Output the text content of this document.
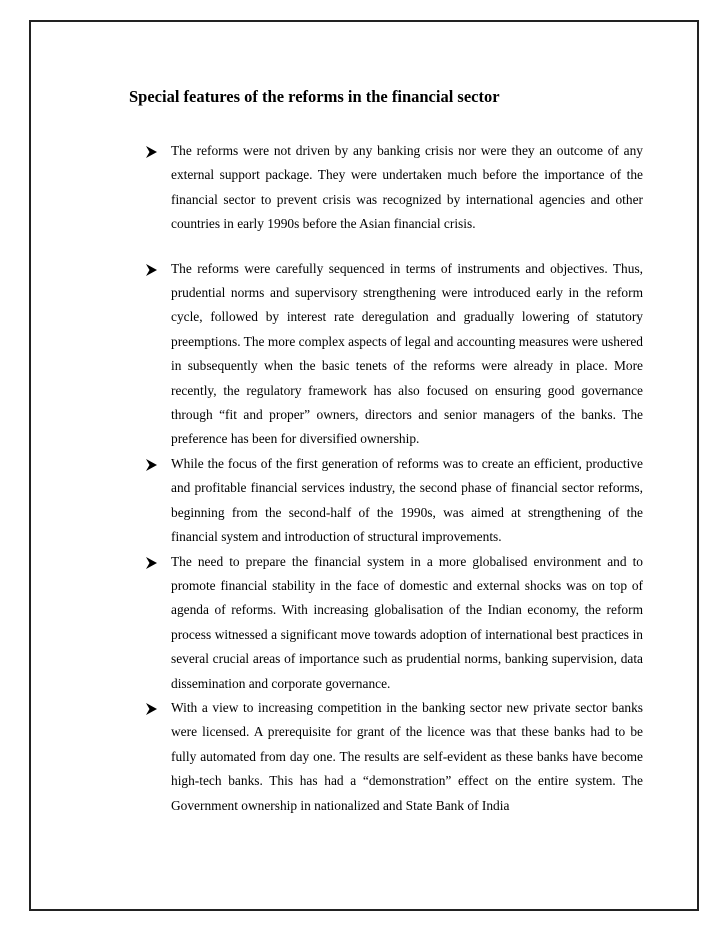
Special features of the reforms in the financial sector
The reforms were not driven by any banking crisis nor were they an outcome of any external support package. They were undertaken much before the importance of the financial sector to prevent crisis was recognized by international agencies and other countries in early 1990s before the Asian financial crisis.
The reforms were carefully sequenced in terms of instruments and objectives. Thus, prudential norms and supervisory strengthening were introduced early in the reform cycle, followed by interest rate deregulation and gradually lowering of statutory preemptions. The more complex aspects of legal and accounting measures were ushered in subsequently when the basic tenets of the reforms were already in place. More recently, the regulatory framework has also focused on ensuring good governance through “fit and proper” owners, directors and senior managers of the banks. The preference has been for diversified ownership.
While the focus of the first generation of reforms was to create an efficient, productive and profitable financial services industry, the second phase of financial sector reforms, beginning from the second-half of the 1990s, was aimed at strengthening of the financial system and introduction of structural improvements.
The need to prepare the financial system in a more globalised environment and to promote financial stability in the face of domestic and external shocks was on top of agenda of reforms. With increasing globalisation of the Indian economy, the reform process witnessed a significant move towards adoption of international best practices in several crucial areas of importance such as prudential norms, banking supervision, data dissemination and corporate governance.
With a view to increasing competition in the banking sector new private sector banks were licensed. A prerequisite for grant of the licence was that these banks had to be fully automated from day one. The results are self-evident as these banks have become high-tech banks. This has had a “demonstration” effect on the entire system. The Government ownership in nationalized and State Bank of India
